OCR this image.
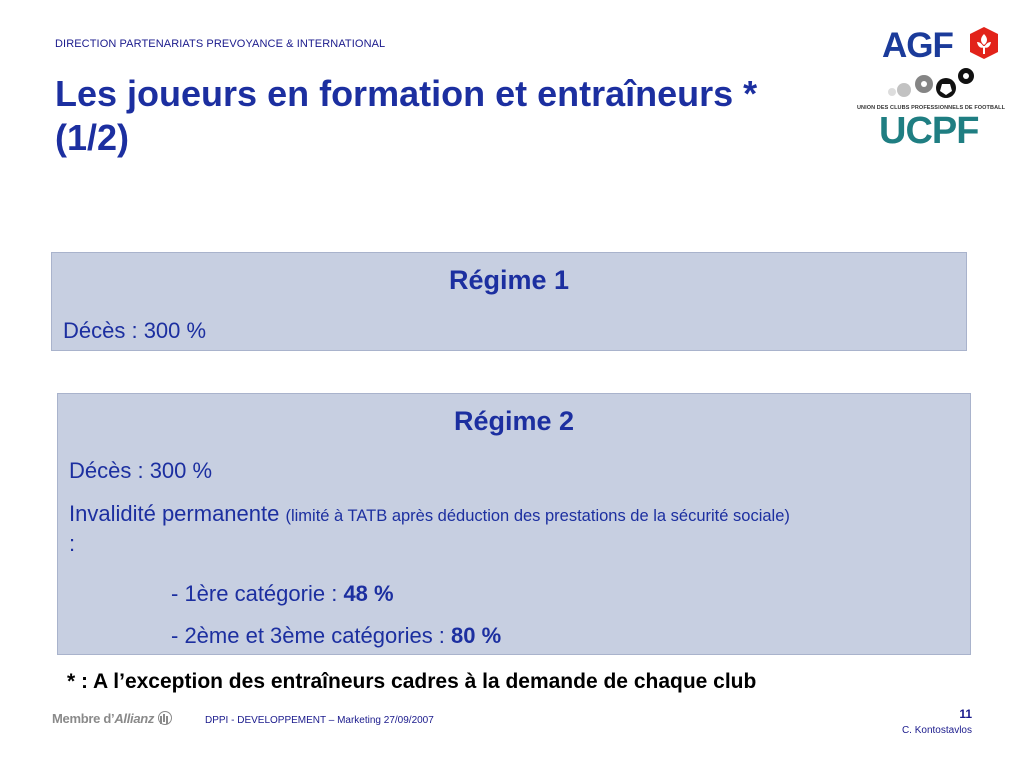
DIRECTION PARTENARIATS PREVOYANCE & INTERNATIONAL
Les joueurs en formation et entraîneurs *
(1/2)
AGF
UNION DES CLUBS PROFESSIONNELS DE FOOTBALL
UCPF
Régime 1
Décès : 300 %
Régime 2
Décès : 300 %
Invalidité permanente (limité à TATB après déduction des prestations de la sécurité sociale)
:
- 1ère catégorie : 48 %
- 2ème et 3ème catégories : 80 %
* : A l’exception des entraîneurs cadres à la demande de chaque club
Membre d’Allianz	DPPI - DEVELOPPEMENT – Marketing 27/09/2007	11
C. Kontostavlos
